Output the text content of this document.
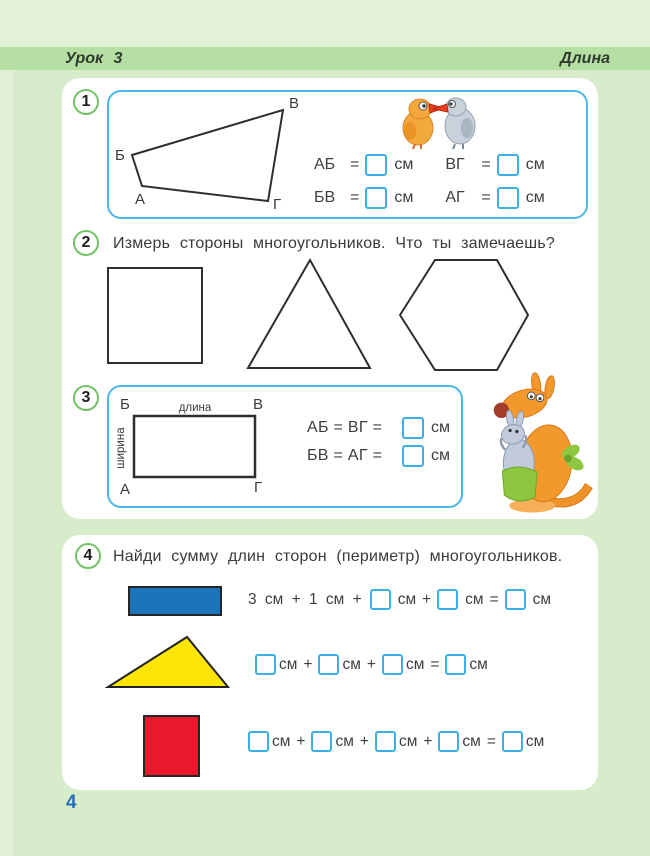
Урок 3	Длина
1
Б
В
А	Г
АБ =	см ВГ	=	см
БВ =	см АГ	=	см
2 Измерь стороны многоугольников. Что ты замечаешь?
3 Б	В
А	Г
длина
ширина	АБ = ВГ =	см
БВ = АГ =	см
4 Найди сумму длин сторон (периметр) многоугольников.
3 см + 1 см + см +	см =	см
см +	см +	см =	см
см +	см +	см +	см =	см
4
